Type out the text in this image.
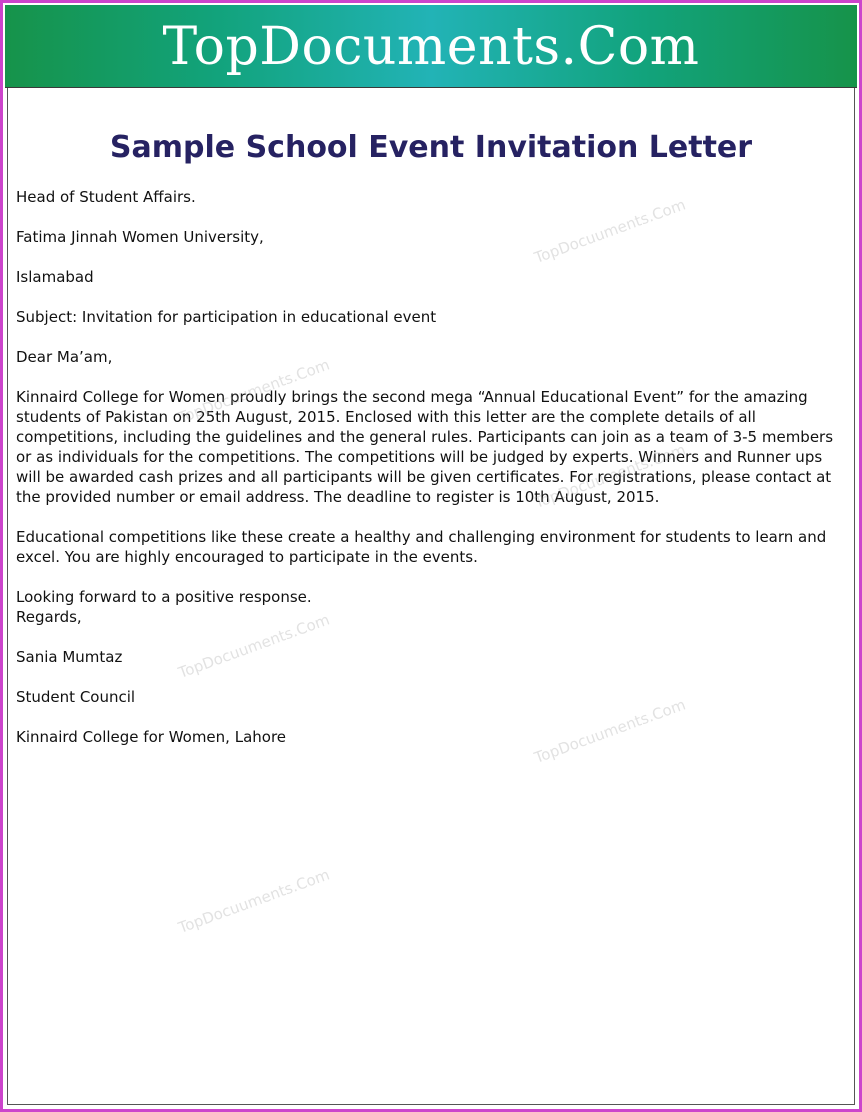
TopDocuments.Com
Sample School Event Invitation Letter

Head of Student Affairs.

Fatima Jinnah Women University,

Islamabad

Subject: Invitation for participation in educational event

Dear Ma’am,

Kinnaird College for Women proudly brings the second mega “Annual Educational Event” for the amazing students of Pakistan on 25th August, 2015. Enclosed with this letter are the complete details of all competitions, including the guidelines and the general rules. Participants can join as a team of 3-5 members or as individuals for the competitions. The competitions will be judged by experts. Winners and Runner ups will be awarded cash prizes and all participants will be given certificates. For registrations, please contact at the provided number or email address. The deadline to register is 10th August, 2015.

Educational competitions like these create a healthy and challenging environment for students to learn and excel. You are highly encouraged to participate in the events.

Looking forward to a positive response.

Regards,

Sania Mumtaz

Student Council

Kinnaird College for Women, Lahore

TopDocuuments.Com
TopDocuuments.Com
TopDocuuments.Com
TopDocuuments.Com
TopDocuuments.Com
TopDocuuments.Com
